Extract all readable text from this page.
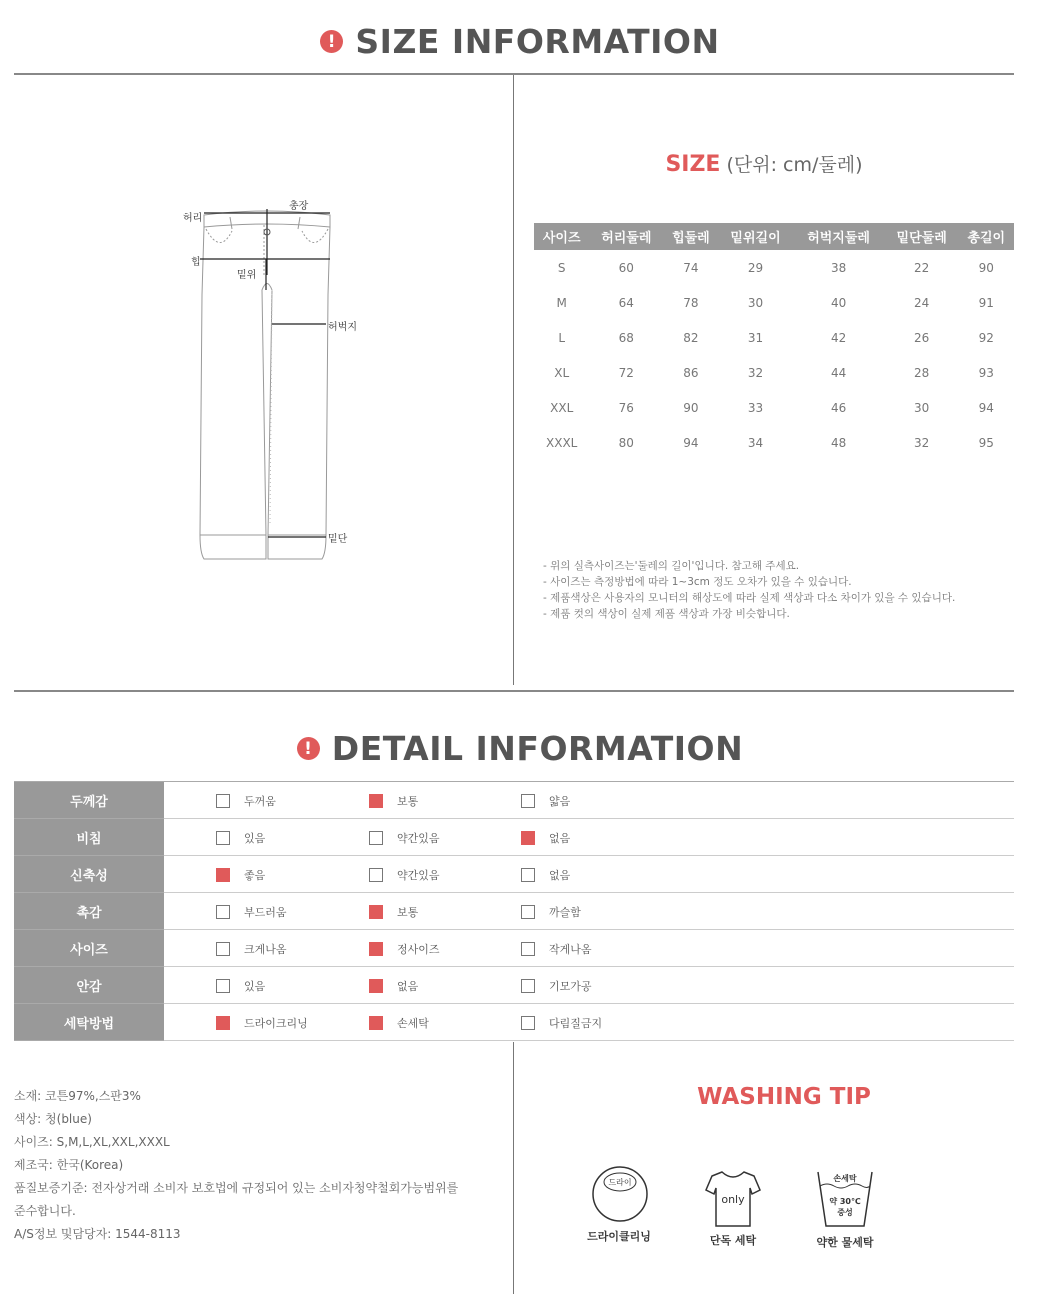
! SIZE INFORMATION
총장
허리
힙
밑위
허벅지
밑단
SIZE (단위: cm/둘레)
사이즈	허리둘레	힙둘레	밑위길이	허벅지둘레	밑단둘레	총길이
S	60	74	29	38	22	90
M	64	78	30	40	24	91
L	68	82	31	42	26	92
XL	72	86	32	44	28	93
XXL	76	90	33	46	30	94
XXXL	80	94	34	48	32	95
- 위의 실측사이즈는'둘레의 길이'입니다. 참고해 주세요.
- 사이즈는 측정방법에 따라 1~3cm 정도 오차가 있을 수 있습니다.
- 제품색상은 사용자의 모니터의 해상도에 따라 실제 색상과 다소 차이가 있을 수 있습니다.
- 제품 컷의 색상이 실제 제품 색상과 가장 비슷합니다.
! DETAIL INFORMATION
두께감	두꺼움 보통 얇음

비침	있음 약간있음 없음

신축성	좋음 약간있음 없음

촉감	부드러움 보통 까슬함

사이즈	크게나옴 정사이즈 작게나옴

안감	있음 없음 기모가공

세탁방법	드라이크리닝 손세탁 다림질금지
소재: 코튼97%,스판3%
색상: 청(blue)
사이즈: S,M,L,XL,XXL,XXXL
제조국: 한국(Korea)
품질보증기준: 전자상거래 소비자 보호법에 규정되어 있는 소비자청약철회가능범위를
준수합니다.
A/S정보 및담당자: 1544-8113
WASHING TIP
드라이
드라이클리닝
only
단독 세탁
손세탁
약 30℃
중성
약한 물세탁
